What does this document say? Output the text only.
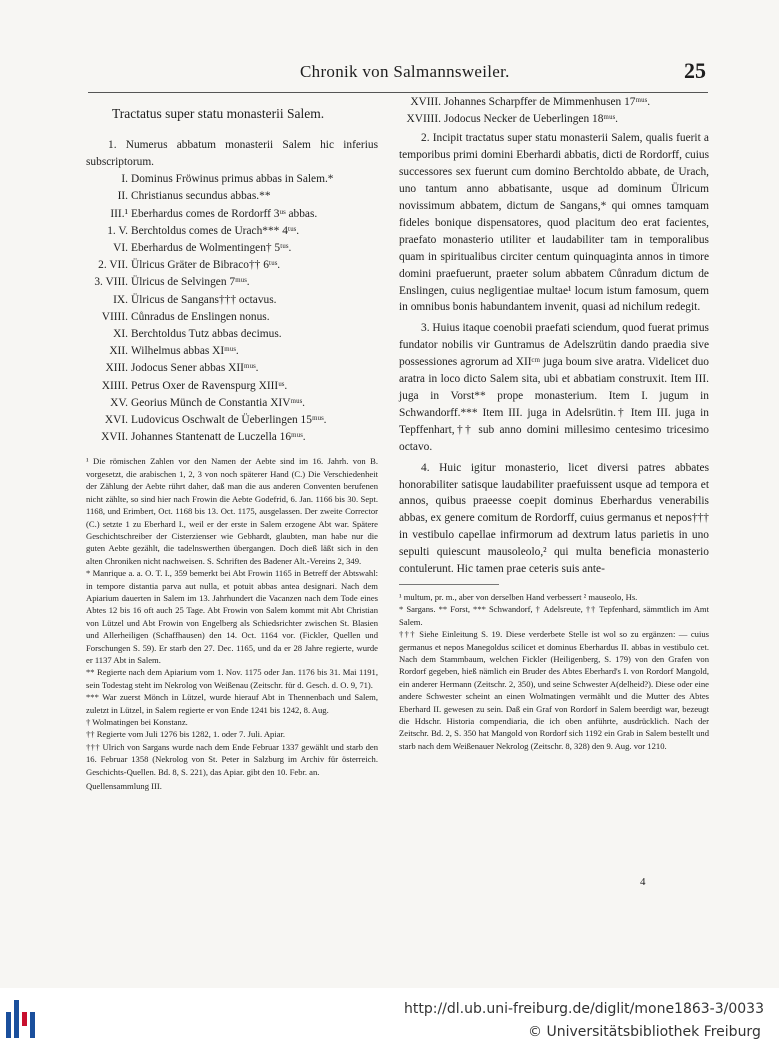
Chronik von Salmannsweiler.	25
Tractatus super statu monasterii Salem.
1. Numerus abbatum monasterii Salem hic inferius subscriptorum.
I. Dominus Fröwinus primus abbas in Salem.*
II. Christianus secundus abbas.**
III.¹ Eberhardus comes de Rordorff 3ᵘˢ abbas.
1. V. Berchtoldus comes de Urach*** 4ᵗᵘˢ.
VI. Eberhardus de Wolmentingen† 5ᵗᵘˢ.
2. VII. Ülricus Gräter de Bibraco†† 6ᵗᵘˢ.
3. VIII. Ülricus de Selvingen 7ᵐᵘˢ.
IX. Ülricus de Sangans††† octavus.
VIIII. Cůnradus de Enslingen nonus.
XI. Berchtoldus Tutz abbas decimus.
XII. Wilhelmus abbas XIᵐᵘˢ.
XIII. Jodocus Sener abbas XIIᵐᵘˢ.
XIIII. Petrus Oxer de Ravenspurg XIIIᵘˢ.
XV. Georius Münch de Constantia XIVᵐᵘˢ.
XVI. Ludovicus Oschwalt de Üeberlingen 15ᵐᵘˢ.
XVII. Johannes Stantenatt de Luczella 16ᵐᵘˢ.
¹ Die römischen Zahlen vor den Namen der Aebte sind im 16. Jahrh. von B. vorgesetzt, die arabischen 1, 2, 3 von noch späterer Hand (C.) Die Verschiedenheit der Zählung der Aebte rührt daher, daß man die aus anderen Conventen berufenen nicht zählte, so sind hier nach Frowin die Aebte Godefrid, 6. Jan. 1166 bis 30. Sept. 1168, und Erimbert, Oct. 1168 bis 13. Oct. 1175, ausgelassen. Der zweite Corrector (C.) setzte 1 zu Eberhard I., weil er der erste in Salem erzogene Abt war. Spätere Geschichtschreiber der Cisterzienser wie Gebhardt, glaubten, man habe nur die guten Aebte gezählt, die tadelnswerthen übergangen. Doch dieß läßt sich in den alten Chroniken nicht nachweisen. S. Schriften des Badener Alt.-Vereins 2, 349.
* Manrique a. a. O. T. I., 359 bemerkt bei Abt Frowin 1165 in Betreff der Abtswahl: in tempore distantia parva aut nulla, et potuit abbas antea designari. Nach dem Apiarium dauerten in Salem im 13. Jahrhundert die Vacanzen nach dem Tode eines Abtes 12 bis 16 oft auch 25 Tage. Abt Frowin von Salem kommt mit Abt Christian von Lützel und Abt Frowin von Engelberg als Schiedsrichter zwischen St. Blasien und Allerheiligen (Schaffhausen) den 14. Oct. 1164 vor. (Fickler, Quellen und Forschungen S. 59). Er starb den 27. Dec. 1165, und da er 28 Jahre regierte, wurde er 1137 Abt in Salem.
** Regierte nach dem Apiarium vom 1. Nov. 1175 oder Jan. 1176 bis 31. Mai 1191, sein Todestag steht im Nekrolog von Weißenau (Zeitschr. für d. Gesch. d. O. 9, 71).
*** War zuerst Mönch in Lützel, wurde hierauf Abt in Thennenbach und Salem, zuletzt in Lützel, in Salem regierte er von Ende 1241 bis 1242, 8. Aug.
† Wolmatingen bei Konstanz.
†† Regierte vom Juli 1276 bis 1282, 1. oder 7. Juli. Apiar.
††† Ulrich von Sargans wurde nach dem Ende Februar 1337 gewählt und starb den 16. Februar 1358 (Nekrolog von St. Peter in Salzburg im Archiv für österreich. Geschichts-Quellen. Bd. 8, S. 221), das Apiar. gibt den 10. Febr. an.
Quellensammlung III.
XVIII. Johannes Scharpffer de Mimmenhusen 17ᵐᵘˢ.
XVIIII. Jodocus Necker de Ueberlingen 18ᵐᵘˢ.
2. Incipit tractatus super statu monasterii Salem, qualis fuerit a temporibus primi domini Eberhardi abbatis, dicti de Rordorff, cuius successores sex fuerunt cum domino Berchtoldo abbate, de Urach, uno tantum anno abbatisante, usque ad dominum Ülricum novissimum abbatem, dictum de Sangans,* qui omnes tamquam fideles bonique dispensatores, quod placitum deo erat facientes, praefato monasterio utiliter et laudabiliter tam in temporalibus quam in spiritualibus circiter centum quinquaginta annos in timore domini praefuerunt, praeter solum abbatem Cůnradum dictum de Enslingen, cuius negligentiae multae¹ locum istum famosum, quem in omnibus bonis habundantem invenit, quasi ad nichilum redegit.
3. Huius itaque coenobii praefati sciendum, quod fuerat primus fundator nobilis vir Guntramus de Adelszrütin dando praedia sive possessiones agrorum ad XIIᶜᵐ juga boum sive aratra. Videlicet duo aratra in loco dicto Salem sita, ubi et abbatiam construxit. Item III. juga in Vorst** prope monasterium. Item I. jugum in Schwandorff.*** Item III. juga in Adelsrütin.† Item III. juga in Tepffenhart,†† sub anno domini millesimo centesimo tricesimo octavo.
4. Huic igitur monasterio, licet diversi patres abbates honorabiliter satisque laudabiliter praefuissent usque ad tempora et annos, quibus praeesse coepit dominus Eberhardus venerabilis abbas, ex genere comitum de Rordorff, cuius germanus et nepos††† in vestibulo capellae infirmorum ad dextrum latus parietis in uno sepulti quiescunt mausoleolo,² qui multa beneficia monasterio contulerunt. Hic tamen prae ceteris suis ante-
¹ multum, pr. m., aber von derselben Hand verbessert ² mauseolo, Hs.
* Sargans. ** Forst, *** Schwandorf, † Adelsreute, †† Tepfenhard, sämmtlich im Amt Salem.
††† Siehe Einleitung S. 19. Diese verderbete Stelle ist wol so zu ergänzen: — cuius germanus et nepos Manegoldus scilicet et dominus Eberhardus II. abbas in vestibulo cet. Nach dem Stammbaum, welchen Fickler (Heiligenberg, S. 179) von den Grafen von Rordorf gegeben, hieß nämlich ein Bruder des Abtes Eberhard's I. von Rordorf Mangold, ein anderer Hermann (Zeitschr. 2, 350), und seine Schwester A(delheid?). Diese oder eine andere Schwester scheint an einen Wolmatingen vermählt und die Mutter des Abtes Eberhard II. gewesen zu sein. Daß ein Graf von Rordorf in Salem beerdigt war, bezeugt die Hdschr. Historia compendiaria, die ich oben anführte, ausdrücklich. Nach der Zeitschr. Bd. 2, S. 350 hat Mangold von Rordorf sich 1192 ein Grab in Salem bestellt und starb nach dem Weißenauer Nekrolog (Zeitschr. 8, 328) den 9. Aug. vor 1210.
4
http://dl.ub.uni-freiburg.de/diglit/mone1863-3/0033
© Universitätsbibliothek Freiburg
